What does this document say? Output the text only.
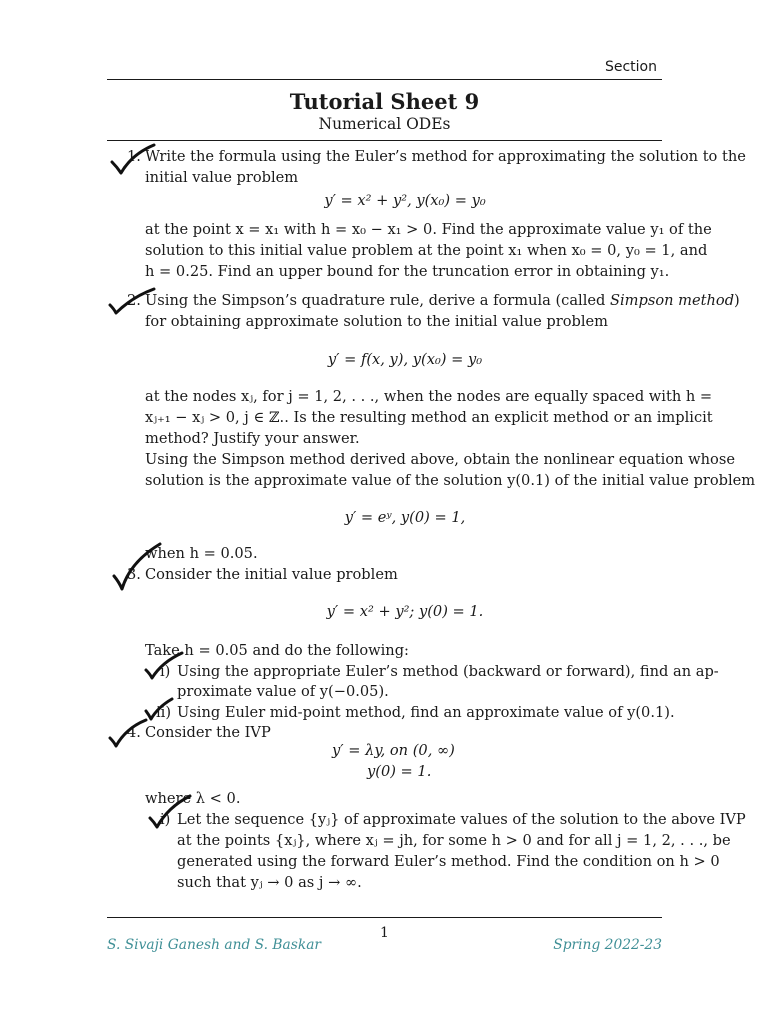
Section
Tutorial Sheet 9
Numerical ODEs
1. Write the formula using the Euler’s method for approximating the solution to the
initial value problem
y′ = x² + y², y(x₀) = y₀
at the point x = x₁ with h = x₀ − x₁ > 0. Find the approximate value y₁ of the
solution to this initial value problem at the point x₁ when x₀ = 0, y₀ = 1, and
h = 0.25. Find an upper bound for the truncation error in obtaining y₁.
2. Using the Simpson’s quadrature rule, derive a formula (called Simpson method)
for obtaining approximate solution to the initial value problem
y′ = f(x, y), y(x₀) = y₀
at the nodes xⱼ, for j = 1, 2, . . ., when the nodes are equally spaced with h =
xⱼ₊₁ − xⱼ > 0, j ∈ ℤ.. Is the resulting method an explicit method or an implicit
method? Justify your answer.
Using the Simpson method derived above, obtain the nonlinear equation whose
solution is the approximate value of the solution y(0.1) of the initial value problem
y′ = eʸ, y(0) = 1,
when h = 0.05.
3. Consider the initial value problem
y′ = x² + y²; y(0) = 1.
Take h = 0.05 and do the following:
i) Using the appropriate Euler’s method (backward or forward), find an ap-
proximate value of y(−0.05).
ii) Using Euler mid-point method, find an approximate value of y(0.1).
4. Consider the IVP
y′ = λy, on (0, ∞)
y(0) = 1.
where λ < 0.
i) Let the sequence {yⱼ} of approximate values of the solution to the above IVP
at the points {xⱼ}, where xⱼ = jh, for some h > 0 and for all j = 1, 2, . . ., be
generated using the forward Euler’s method. Find the condition on h > 0
such that yⱼ → 0 as j → ∞.
1
S. Sivaji Ganesh and S. Baskar	Spring 2022-23
